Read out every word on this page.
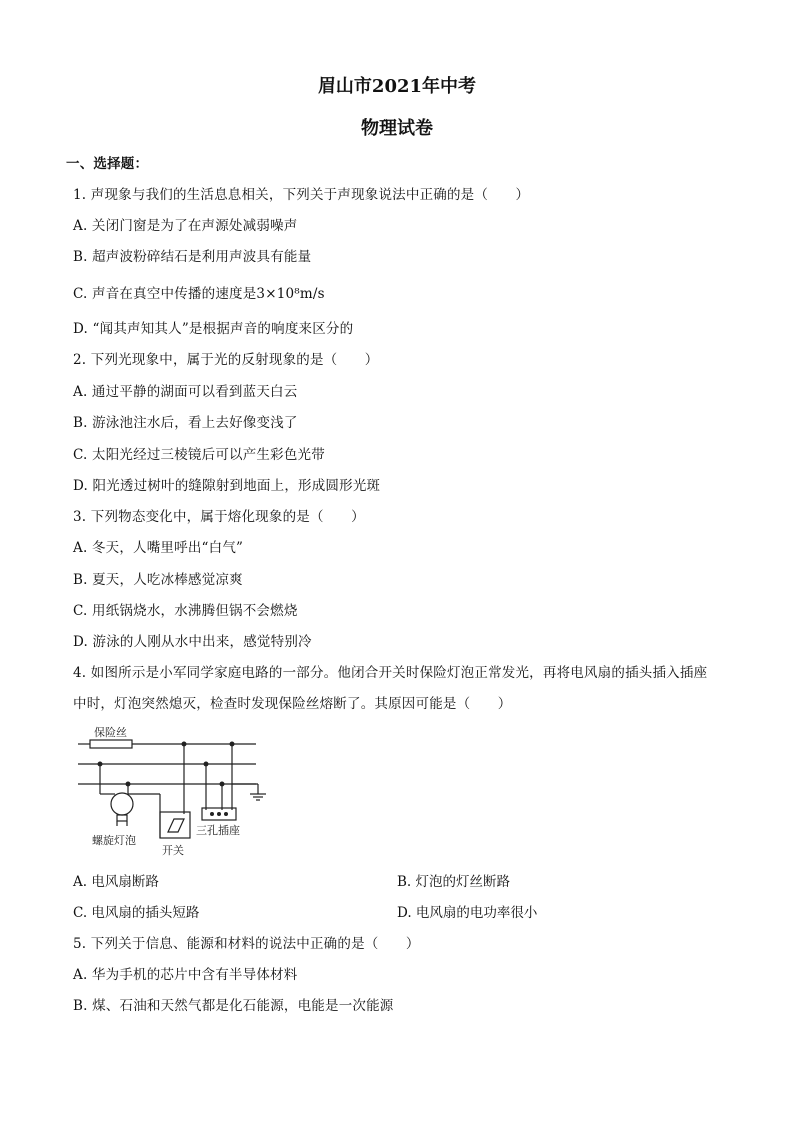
眉山市2021年中考
物理试卷
一、选择题：
1. 声现象与我们的生活息息相关，下列关于声现象说法中正确的是（　　）
A. 关闭门窗是为了在声源处减弱噪声
B. 超声波粉碎结石是利用声波具有能量
C. 声音在真空中传播的速度是3×10⁸m/s
D. “闻其声知其人”是根据声音的响度来区分的
2. 下列光现象中，属于光的反射现象的是（　　）
A. 通过平静的湖面可以看到蓝天白云
B. 游泳池注水后，看上去好像变浅了
C. 太阳光经过三棱镜后可以产生彩色光带
D. 阳光透过树叶的缝隙射到地面上，形成圆形光斑
3. 下列物态变化中，属于熔化现象的是（　　）
A. 冬天，人嘴里呼出“白气”
B. 夏天，人吃冰棒感觉凉爽
C. 用纸锅烧水，水沸腾但锅不会燃烧
D. 游泳的人刚从水中出来，感觉特别冷
4. 如图所示是小军同学家庭电路的一部分。他闭合开关时保险灯泡正常发光，再将电风扇的插头插入插座
中时，灯泡突然熄灭，检查时发现保险丝熔断了。其原因可能是（　　）
保险丝
螺旋灯泡
开关
三孔插座
A. 电风扇断路	B. 灯泡的灯丝断路
C. 电风扇的插头短路	D. 电风扇的电功率很小
5. 下列关于信息、能源和材料的说法中正确的是（　　）
A. 华为手机的芯片中含有半导体材料
B. 煤、石油和天然气都是化石能源，电能是一次能源
